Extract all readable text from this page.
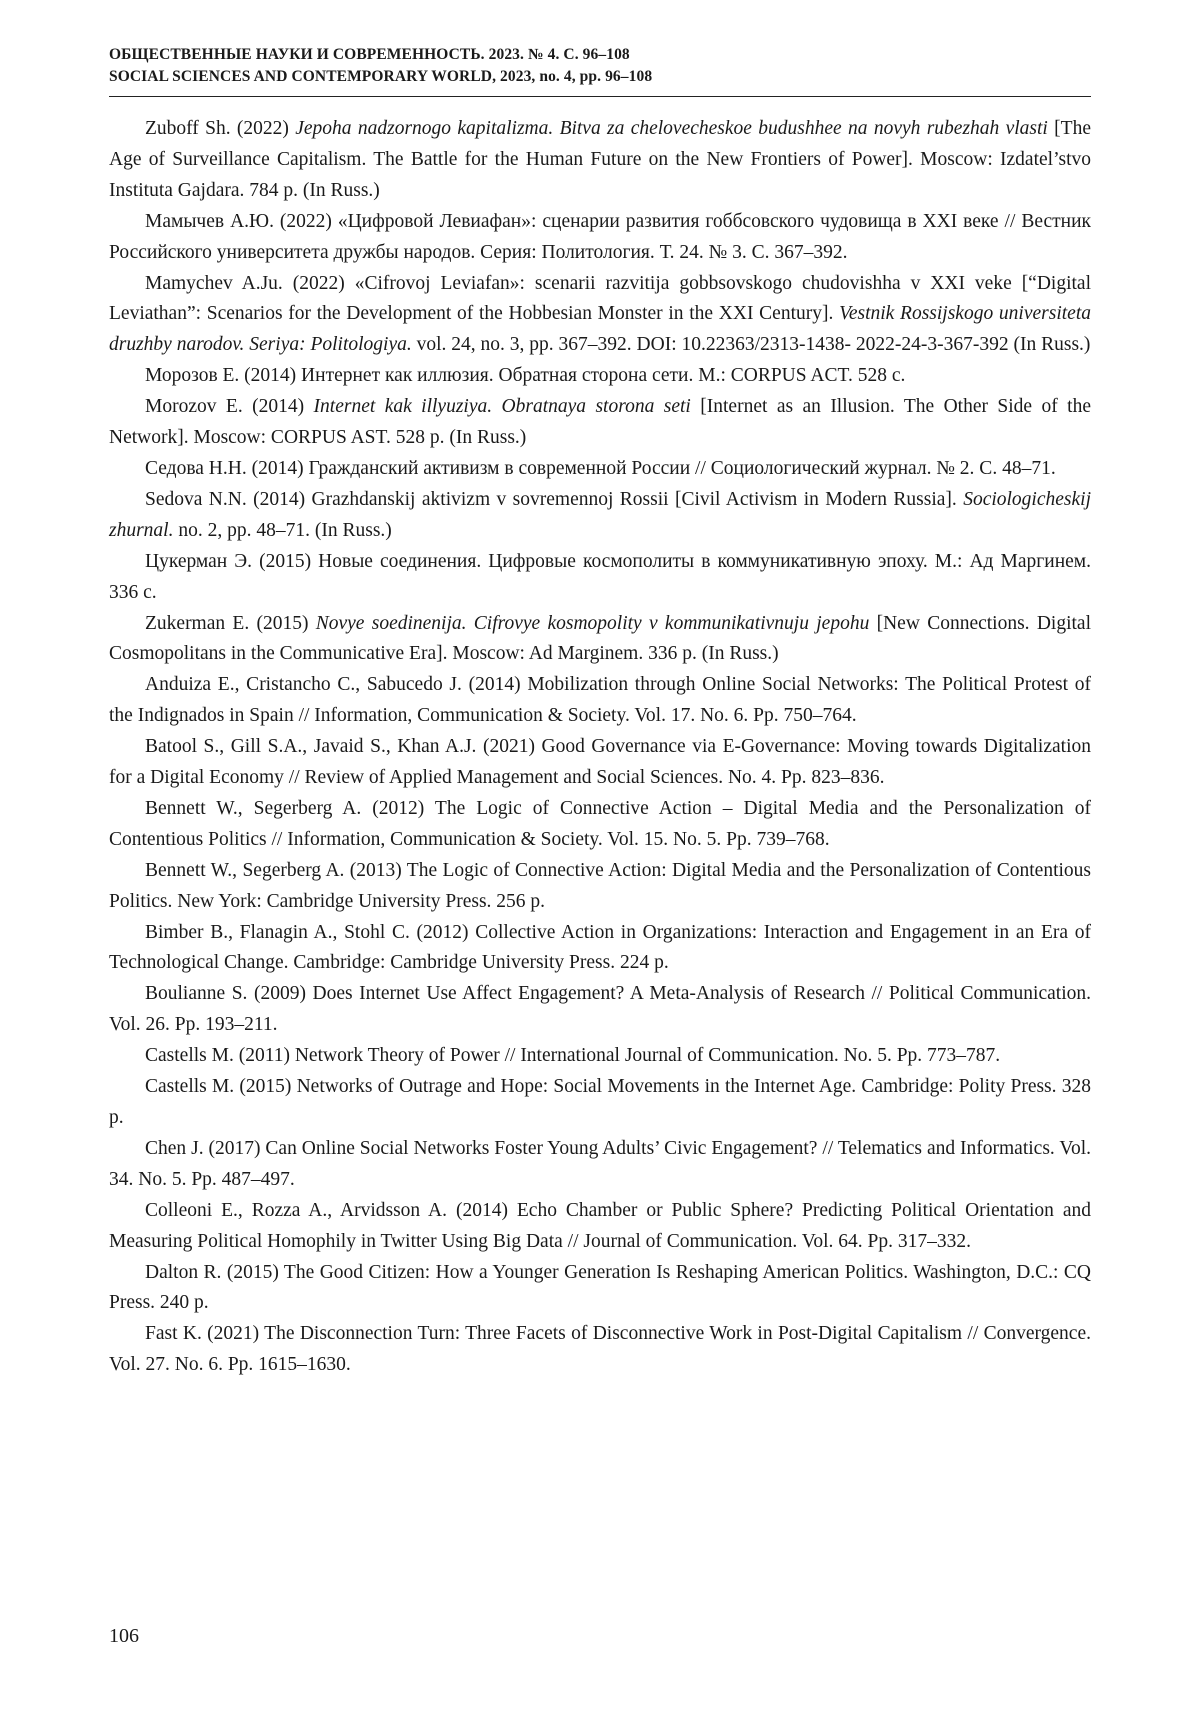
ОБЩЕСТВЕННЫЕ НАУКИ И СОВРЕМЕННОСТЬ. 2023. № 4. С. 96–108
SOCIAL SCIENCES AND CONTEMPORARY WORLD, 2023, no. 4, pp. 96–108

Zuboff Sh. (2022) Jepoha nadzornogo kapitalizma. Bitva za chelovecheskoe budushhee na novyh rubezhah vlasti [The Age of Surveillance Capitalism. The Battle for the Human Future on the New Frontiers of Power]. Moscow: Izdatel’stvo Instituta Gajdara. 784 p. (In Russ.)

Мамычев А.Ю. (2022) «Цифровой Левиафан»: сценарии развития гоббсовского чудовища в XXI веке // Вестник Российского университета дружбы народов. Серия: Политология. Т. 24. № 3. С. 367–392.

Mamychev A.Ju. (2022) «Cifrovoj Leviafan»: scenarii razvitija gobbsovskogo chudovishha v XXI veke [“Digital Leviathan”: Scenarios for the Development of the Hobbesian Monster in the XXI Century]. Vestnik Rossijskogo universiteta druzhby narodov. Seriya: Politologiya. vol. 24, no. 3, pp. 367–392. DOI: 10.22363/2313-1438- 2022-24-3-367-392 (In Russ.)

Морозов Е. (2014) Интернет как иллюзия. Обратная сторона сети. М.: CORPUS ACT. 528 с.

Morozov E. (2014) Internet kak illyuziya. Obratnaya storona seti [Internet as an Illusion. The Other Side of the Network]. Moscow: CORPUS AST. 528 p. (In Russ.)

Седова Н.Н. (2014) Гражданский активизм в современной России // Социологический журнал. № 2. С. 48–71.

Sedova N.N. (2014) Grazhdanskij aktivizm v sovremennoj Rossii [Civil Activism in Modern Russia]. Sociologicheskij zhurnal. no. 2, pp. 48–71. (In Russ.)

Цукерман Э. (2015) Новые соединения. Цифровые космополиты в коммуникативную эпоху. М.: Ад Маргинем. 336 с.

Zukerman E. (2015) Novye soedinenija. Cifrovye kosmopolity v kommunikativnuju jepohu [New Connections. Digital Cosmopolitans in the Communicative Era]. Moscow: Ad Marginem. 336 p. (In Russ.)

Anduiza E., Cristancho C., Sabucedo J. (2014) Mobilization through Online Social Networks: The Political Protest of the Indignados in Spain // Information, Communication & Society. Vol. 17. No. 6. Pp. 750–764.

Batool S., Gill S.A., Javaid S., Khan A.J. (2021) Good Governance via E-Governance: Moving towards Digitalization for a Digital Economy // Review of Applied Management and Social Sciences. No. 4. Pp. 823–836.

Bennett W., Segerberg A. (2012) The Logic of Connective Action – Digital Media and the Personalization of Contentious Politics // Information, Communication & Society. Vol. 15. No. 5. Pp. 739–768.

Bennett W., Segerberg A. (2013) The Logic of Connective Action: Digital Media and the Personalization of Contentious Politics. New York: Cambridge University Press. 256 p.

Bimber B., Flanagin A., Stohl C. (2012) Collective Action in Organizations: Interaction and Engagement in an Era of Technological Change. Cambridge: Cambridge University Press. 224 p.

Boulianne S. (2009) Does Internet Use Affect Engagement? A Meta-Analysis of Research // Political Communication. Vol. 26. Pp. 193–211.

Castells M. (2011) Network Theory of Power // International Journal of Communication. No. 5. Pp. 773–787.

Castells M. (2015) Networks of Outrage and Hope: Social Movements in the Internet Age. Cambridge: Polity Press. 328 p.

Chen J. (2017) Can Online Social Networks Foster Young Adults’ Civic Engagement? // Telematics and Informatics. Vol. 34. No. 5. Pp. 487–497.

Colleoni E., Rozza A., Arvidsson A. (2014) Echo Chamber or Public Sphere? Predicting Political Orientation and Measuring Political Homophily in Twitter Using Big Data // Journal of Communication. Vol. 64. Pp. 317–332.

Dalton R. (2015) The Good Citizen: How a Younger Generation Is Reshaping American Politics. Washington, D.C.: CQ Press. 240 p.

Fast K. (2021) The Disconnection Turn: Three Facets of Disconnective Work in Post-Digital Capitalism // Convergence. Vol. 27. No. 6. Pp. 1615–1630.

106
